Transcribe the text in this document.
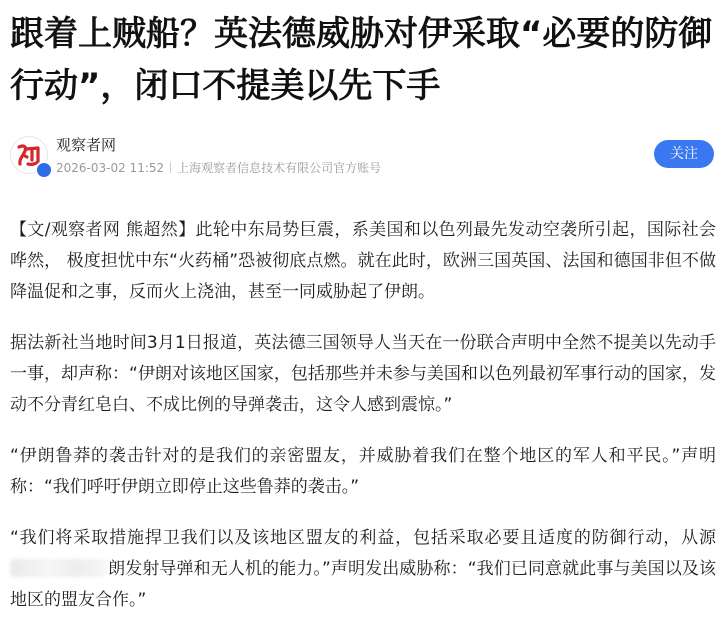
跟着上贼船？英法德威胁对伊采取“必要的防御行动”，闭口不提美以先下手
观察者网
2026-03-02 11:52 上海观察者信息技术有限公司官方账号
关注

【文/观察者网 熊超然】此轮中东局势巨震，系美国和以色列最先发动空袭所引起，国际社会哗然， 极度担忧中东“火药桶”恐被彻底点燃。就在此时，欧洲三国英国、法国和德国非但不做降温促和之事，反而火上浇油，甚至一同威胁起了伊朗。

据法新社当地时间3月1日报道，英法德三国领导人当天在一份联合声明中全然不提美以先动手一事，却声称：“伊朗对该地区国家，包括那些并未参与美国和以色列最初军事行动的国家，发动不分青红皂白、不成比例的导弹袭击，这令人感到震惊。”

“伊朗鲁莽的袭击针对的是我们的亲密盟友，并威胁着我们在整个地区的军人和平民。”声明称：“我们呼吁伊朗立即停止这些鲁莽的袭击。”

“我们将采取措施捍卫我们以及该地区盟友的利益，包括采取必要且适度的防御行动，从源朗发射导弹和无人机的能力。”声明发出威胁称：“我们已同意就此事与美国以及该地区的盟友合作。”
